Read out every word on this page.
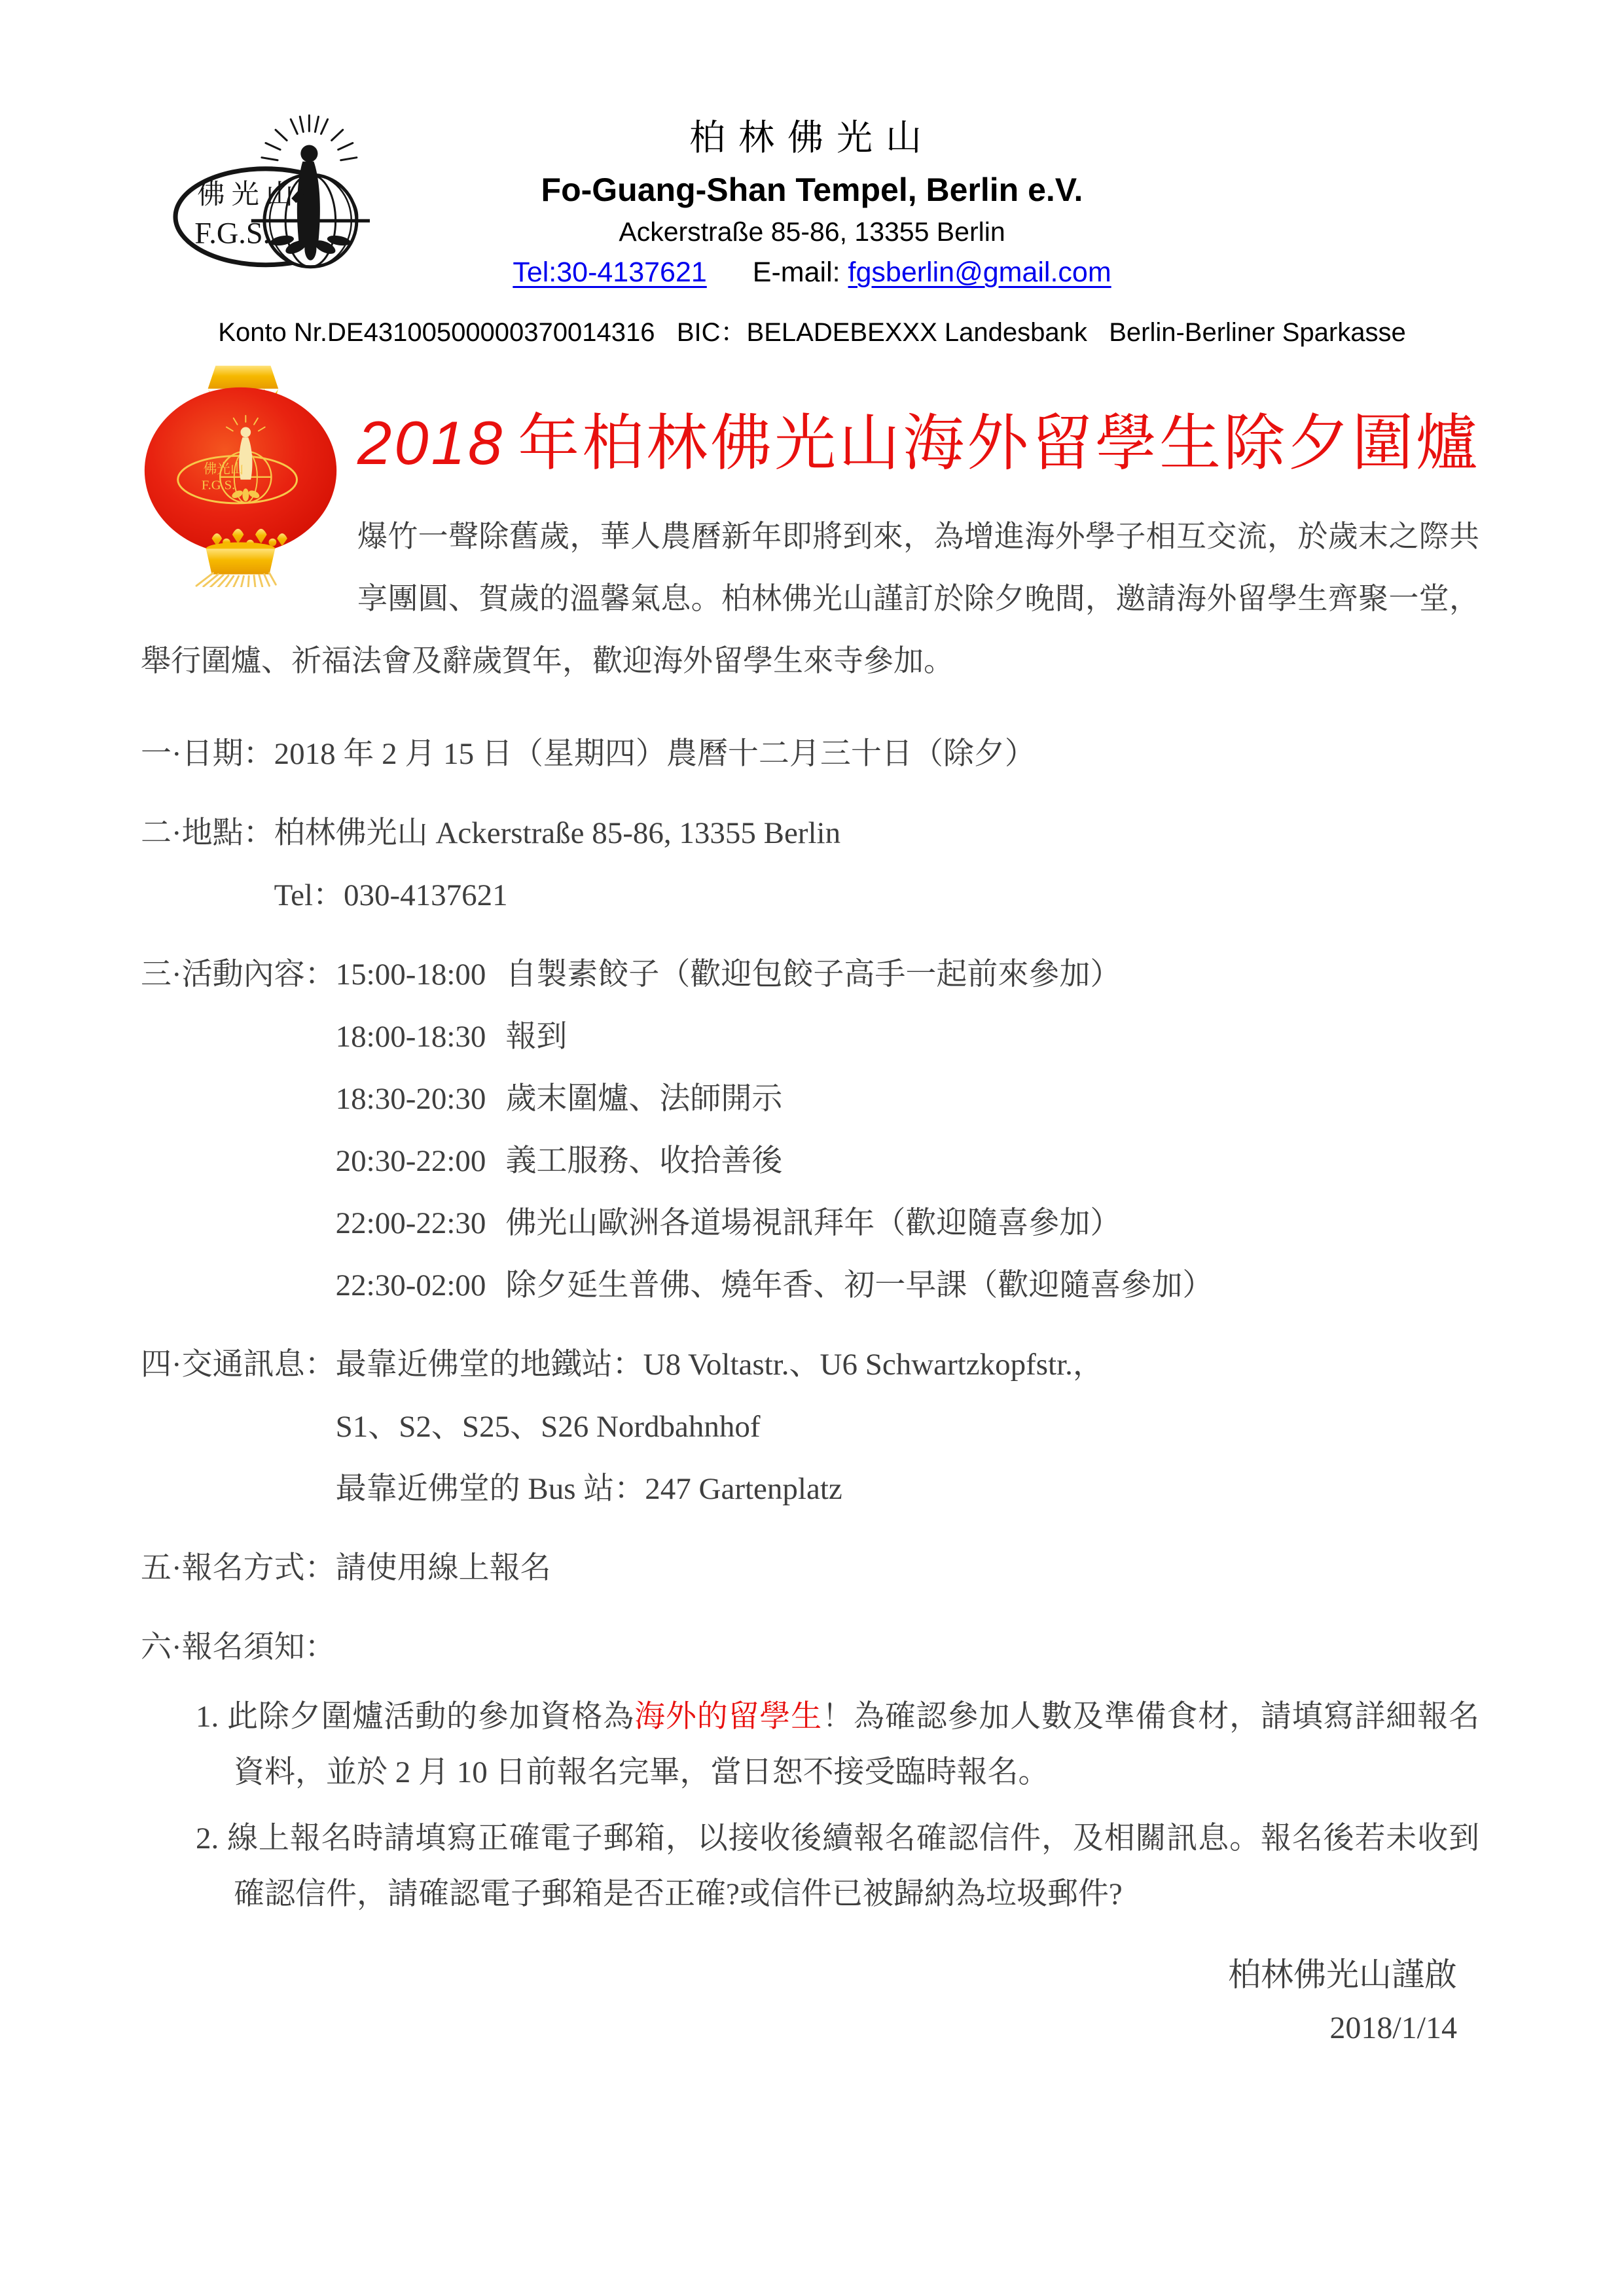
佛光山
F.G.S.
柏林佛光山
Fo-Guang-Shan Tempel, Berlin e.V.
Ackerstraße 85-86, 13355 Berlin
Tel:30-4137621 E-mail: fgsberlin@gmail.com
Konto Nr.DE43100500000370014316   BIC：BELADEBEXXX Landesbank   Berlin-Berliner Sparkasse
佛光山
F.G.S.
2018 年柏林佛光山海外留學生除夕圍爐
爆竹一聲除舊歲，華人農曆新年即將到來，為增進海外學子相互交流，於歲末之際共享團圓、賀歲的溫馨氣息。柏林佛光山謹訂於除夕晚間，邀請海外留學生齊聚一堂，舉行圍爐、祈福法會及辭歲賀年，歡迎海外留學生來寺參加。
一·日期： 2018 年 2 月 15 日（星期四）農曆十二月三十日（除夕）
二·地點： 柏林佛光山 Ackerstraße 85-86, 13355 Berlin
Tel：030-4137621
三·活動內容： 15:00-18:00 自製素餃子（歡迎包餃子高手一起前來參加）
18:00-18:30 報到
18:30-20:30 歲末圍爐、法師開示
20:30-22:00 義工服務、收拾善後
22:00-22:30 佛光山歐洲各道場視訊拜年（歡迎隨喜參加）
22:30-02:00 除夕延生普佛、燒年香、初一早課（歡迎隨喜參加）
四·交通訊息： 最靠近佛堂的地鐵站：U8 Voltastr.、U6 Schwartzkopfstr.，
S1、S2、S25、S26 Nordbahnhof
最靠近佛堂的 Bus 站：247 Gartenplatz
五·報名方式： 請使用線上報名
六·報名須知：
1. 此除夕圍爐活動的參加資格為海外的留學生！為確認參加人數及準備食材，請填寫詳細報名資料，並於 2 月 10 日前報名完畢，當日恕不接受臨時報名。
2. 線上報名時請填寫正確電子郵箱，以接收後續報名確認信件，及相關訊息。報名後若未收到確認信件，請確認電子郵箱是否正確?或信件已被歸納為垃圾郵件?
柏林佛光山謹啟
2018/1/14
